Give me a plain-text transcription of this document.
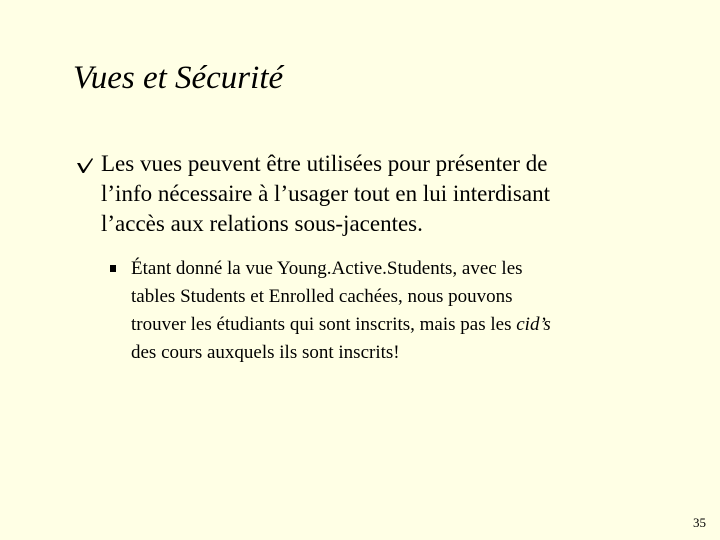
Vues et Sécurité
Les vues peuvent être utilisées pour présenter de
l’info nécessaire à l’usager tout en lui interdisant
l’accès aux relations sous-jacentes.
Étant donné la vue Young.Active.Students, avec les
tables Students et Enrolled cachées, nous pouvons
trouver les étudiants qui sont inscrits, mais pas les cid’s
des cours auxquels ils sont inscrits!
35
